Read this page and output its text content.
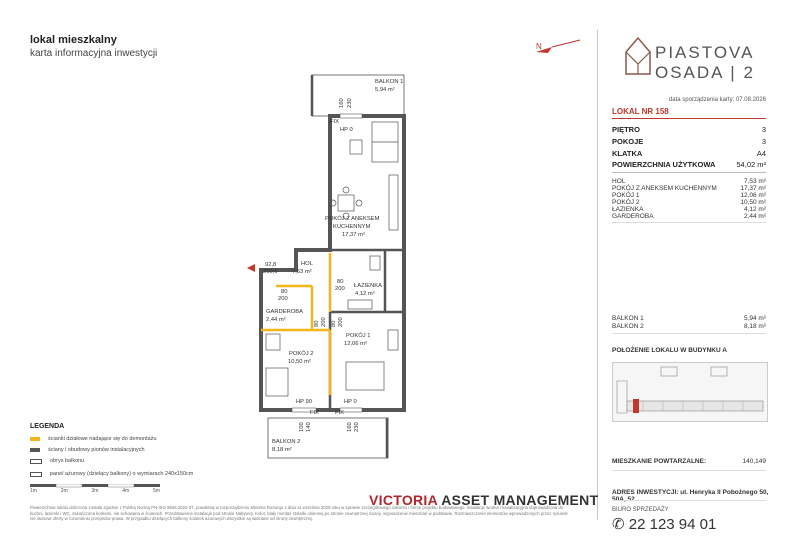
lokal mieszkalny
karta informacyjna inwestycji
N	PIASTOVA
OSADA | 2
data sporządzenia karty: 07.08.2026
LOKAL NR 158
PIĘTRO	3
POKOJE	3
KLATKA	A4
POWIERZCHNIA UŻYTKOWA	54,02 m²
HOL	7,53 m²
POKÓJ Z ANEKSEM KUCHENNYM	17,37 m²
POKÓJ 1	12,06 m²
POKÓJ 2	10,50 m²
ŁAZIENKA	4,12 m²
GARDEROBA	2,44 m²
BALKON 1	5,94 m²
BALKON 2	8,18 m²
POŁOŻENIE LOKALU W BUDYNKU A
MIESZKANIE POWTARZALNE:	140,149
ADRES INWESTYCJI: ul. Henryka II Pobożnego 50,
BIURO SPRZEDAŻY
✆ 22 123 94 01
BALKON 1
5,94 m²
160 230
FIX
HP 0
FIX	FIX
HP 90	HP 0
POKÓJ Z ANEKSEM
KUCHENNYM
17,37 m²
HOL
7,53 m²
92,8
200,6
ŁAZIENKA
4,12 m²
80
200
GARDEROBA
2,44 m²
80
200
POKÓJ 1
12,06 m²
80 200 80 200
POKÓJ 2
10,50 m²
BALKON 2
8,18 m²
100 140	160 230
LEGENDA
ścianki działowe nadające się do demontażu
ściany i obudowy pionów instalacyjnych
obrys balkonu
panel ażurowy (dzielący balkony) o wymiarach 240x150cm
1m	2m	3m	4m	5m
VICTORIA ASSET MANAGEMENT
Powierzchnia lokalu obliczona została zgodnie z Polską Normą PN-ISO 9836:2022-07, powołaną w rozporządzeniu Ministra Rozwoju z dnia 11 września 2020 roku w sprawie szczegółowego zakresu i formy projektu budowlanego. Instalacje wodna i kanalizacyjna doprowadzona do kuchni, łazienki i WC, zakończona korkami, nie schowana w ścianach. Przedstawione instalacje pod stronie Nabywcy. Kolor, biały montaż stolarki okiennej po stronie zewnętrznej ściany, wyposażenie mieszkań w podstawie. Rozmieszczenie elementów wprowadzonych przez rysunek nie stanowi oferty w rozumieniu przepisów prawa. W przypadku dzielących balkony ścianek ażurowych wszystkie są widziane od strony zewnętrznej.
